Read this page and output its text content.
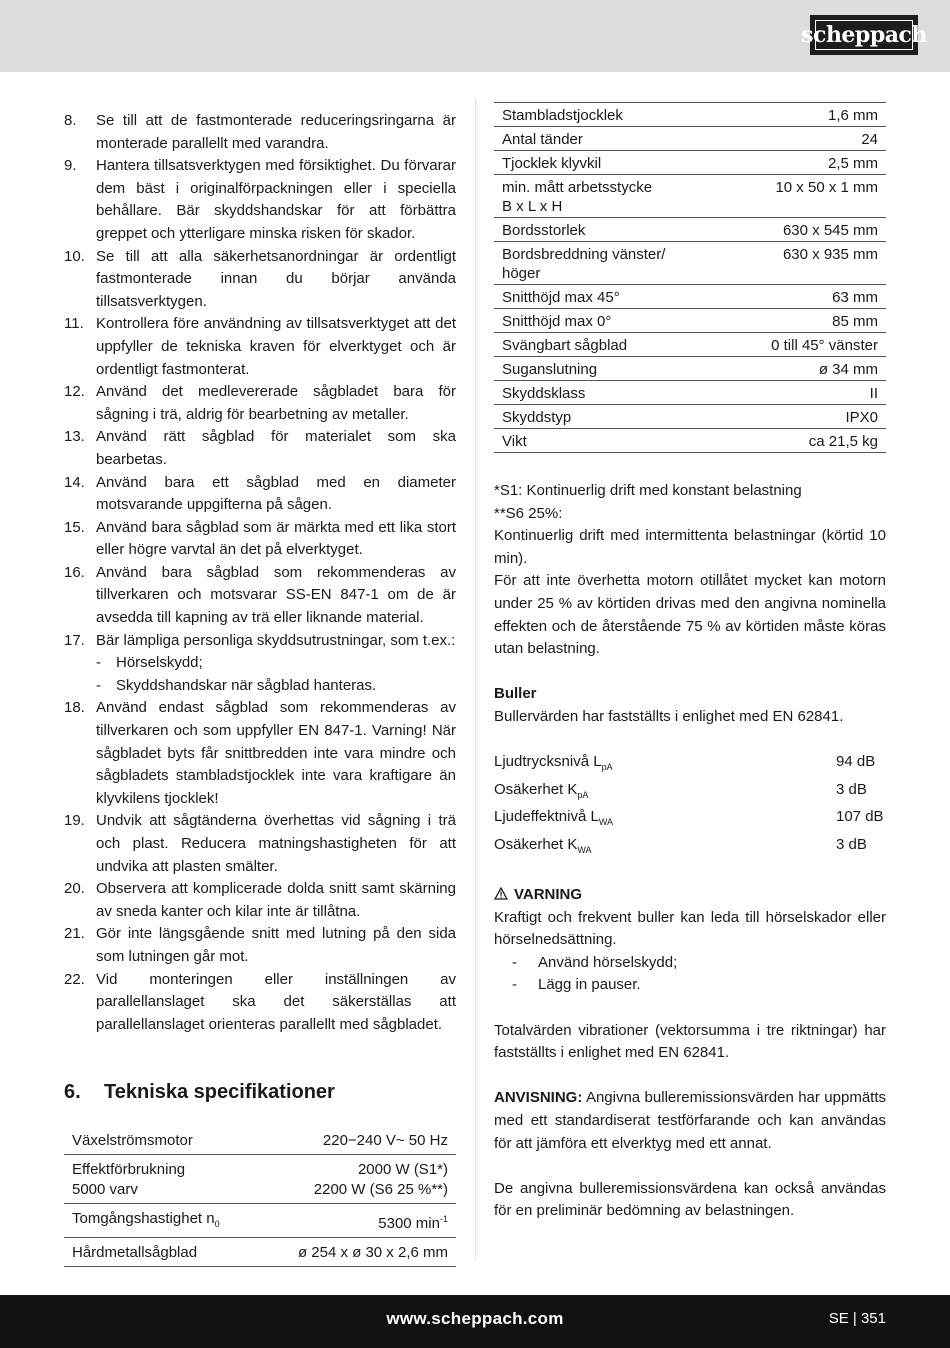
scheppach
8. Se till att de fastmonterade reduceringsringarna är monterade parallellt med varandra.
9. Hantera tillsatsverktygen med försiktighet. Du förvarar dem bäst i originalförpackningen eller i speciella behållare. Bär skyddshandskar för att förbättra greppet och ytterligare minska risken för skador.
10. Se till att alla säkerhetsanordningar är ordentligt fastmonterade innan du börjar använda tillsatsverktygen.
11. Kontrollera före användning av tillsatsverktyget att det uppfyller de tekniska kraven för elverktyget och är ordentligt fastmonterat.
12. Använd det medlevererade sågbladet bara för sågning i trä, aldrig för bearbetning av metaller.
13. Använd rätt sågblad för materialet som ska bearbetas.
14. Använd bara ett sågblad med en diameter motsvarande uppgifterna på sågen.
15. Använd bara sågblad som är märkta med ett lika stort eller högre varvtal än det på elverktyget.
16. Använd bara sågblad som rekommenderas av tillverkaren och motsvarar SS-EN 847-1 om de är avsedda till kapning av trä eller liknande material.
17. Bär lämpliga personliga skyddsutrustningar, som t.ex.:
- Hörselskydd;
- Skyddshandskar när sågblad hanteras.
18. Använd endast sågblad som rekommenderas av tillverkaren och som uppfyller EN 847-1. Varning! När sågbladet byts får snittbredden inte vara mindre och sågbladets stambladstjocklek inte vara kraftigare än klyvkilens tjocklek!
19. Undvik att sågtänderna överhettas vid sågning i trä och plast. Reducera matningshastigheten för att undvika att plasten smälter.
20. Observera att komplicerade dolda snitt samt skärning av sneda kanter och kilar inte är tillåtna.
21. Gör inte längsgående snitt med lutning på den sida som lutningen går mot.
22. Vid monteringen eller inställningen av parallellanslaget ska det säkerställas att parallellanslaget orienteras parallellt med sågbladet.
6. Tekniska specifikationer
Växelströmsmotor	220−240 V~ 50 Hz
Effektförbrukning
5000 varv	2000 W (S1*)
2200 W (S6 25 %**)
Tomgångshastighet $n_0$	5300 $\min^{-1}$
Hårdmetallsågblad	ø 254 x ø 30 x 2,6 mm
Stambladstjocklek	1,6 mm
Antal tänder	24
Tjocklek klyvkil	2,5 mm
min. mått arbetsstycke
B x L x H	10 x 50 x 1 mm
Bordsstorlek	630 x 545 mm
Bordsbreddning vänster/
höger	630 x 935 mm
Snitthöjd max 45°	63 mm
Snitthöjd max 0°	85 mm
Svängbart sågblad	0 till 45° vänster
Suganslutning	ø 34 mm
Skyddsklass	II
Skyddstyp	IPX0
Vikt	ca 21,5 kg

*S1: Kontinuerlig drift med konstant belastning

**S6 25%:

Kontinuerlig drift med intermittenta belastningar (körtid 10 min).

För att inte överhetta motorn otillåtet mycket kan motorn under 25 % av körtiden drivas med den angivna nominella effekten och de återstående 75 % av körtiden måste köras utan belastning.

Buller

Bullervärden har fastställts i enlighet med EN 62841.

Ljudtrycksnivå $L_{pA}$	94 dB
Osäkerhet $K_{pA}$	3 dB
Ljudeffektnivå $L_{WA}$	107 dB
Osäkerhet $K_{WA}$	3 dB

VARNING

Kraftigt och frekvent buller kan leda till hörselskador eller hörselnedsättning.

- Använd hörselskydd;
- Lägg in pauser.

Totalvärden vibrationer (vektorsumma i tre riktningar) har fastställts i enlighet med EN 62841.

ANVISNING: Angivna bulleremissionsvärden har uppmätts med ett standardiserat testförfarande och kan användas för att jämföra ett elverktyg med ett annat.

De angivna bulleremissionsvärdena kan också användas för en preliminär bedömning av belastningen.

www.scheppach.com	SE | 351
